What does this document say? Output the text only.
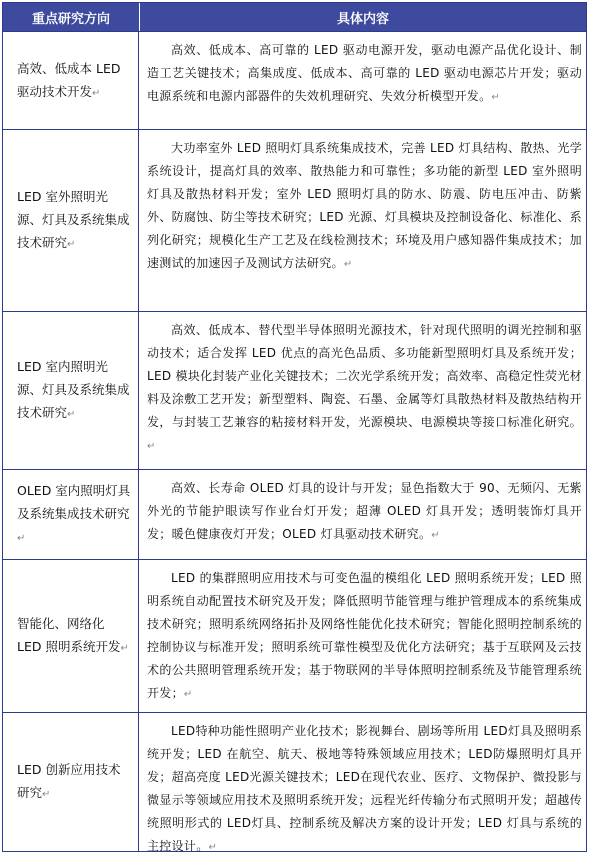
重点研究方向	具体内容
高效、低成本 LED 驱动技术开发↵
高效、低成本、高可靠的 LED 驱动电源开发，驱动电源产品优化设计、制造工艺关键技术；高集成度、低成本、高可靠的 LED 驱动电源芯片开发；驱动电源系统和电源内部器件的失效机理研究、失效分析模型开发。↵
LED 室外照明光源、灯具及系统集成技术研究↵
大功率室外 LED 照明灯具系统集成技术，完善 LED 灯具结构、散热、光学系统设计，提高灯具的效率、散热能力和可靠性；多功能的新型 LED 室外照明灯具及散热材料开发；室外 LED 照明灯具的防水、防震、防电压冲击、防紫外、防腐蚀、防尘等技术研究；LED 光源、灯具模块及控制设备化、标准化、系列化研究；规模化生产工艺及在线检测技术；环境及用户感知器件集成技术；加速测试的加速因子及测试方法研究。↵
LED 室内照明光源、灯具及系统集成技术研究↵
高效、低成本、替代型半导体照明光源技术，针对现代照明的调光控制和驱动技术；适合发挥 LED 优点的高光色品质、多功能新型照明灯具及系统开发；LED 模块化封装产业化关键技术；二次光学系统开发；高效率、高稳定性荧光材料及涂敷工艺开发；新型塑料、陶瓷、石墨、金属等灯具散热材料及散热结构开发，与封装工艺兼容的粘接材料开发，光源模块、电源模块等接口标准化研究。↵
OLED 室内照明灯具及系统集成技术研究↵
高效、长寿命 OLED 灯具的设计与开发；显色指数大于 90、无频闪、无紫外光的节能护眼读写作业台灯开发；超薄 OLED 灯具开发；透明装饰灯具开发；暖色健康夜灯开发；OLED 灯具驱动技术研究。↵
智能化、网络化 LED 照明系统开发↵
LED 的集群照明应用技术与可变色温的模组化 LED 照明系统开发；LED 照明系统自动配置技术研究及开发；降低照明节能管理与维护管理成本的系统集成技术研究；照明系统网络拓扑及网络性能优化技术研究；智能化照明控制系统的控制协议与标准开发；照明系统可靠性模型及优化方法研究；基于互联网及云技术的公共照明管理系统开发；基于物联网的半导体照明控制系统及节能管理系统开发；↵
LED 创新应用技术研究↵
LED特种功能性照明产业化技术；影视舞台、剧场等所用 LED灯具及照明系统开发；LED 在航空、航天、极地等特殊领域应用技术；LED防爆照明灯具开发；超高亮度 LED光源关键技术；LED在现代农业、医疗、文物保护、微投影与微显示等领域应用技术及照明系统开发；远程光纤传输分布式照明开发；超越传统照明形式的 LED灯具、控制系统及解决方案的设计开发；LED 灯具与系统的主控设计。↵
